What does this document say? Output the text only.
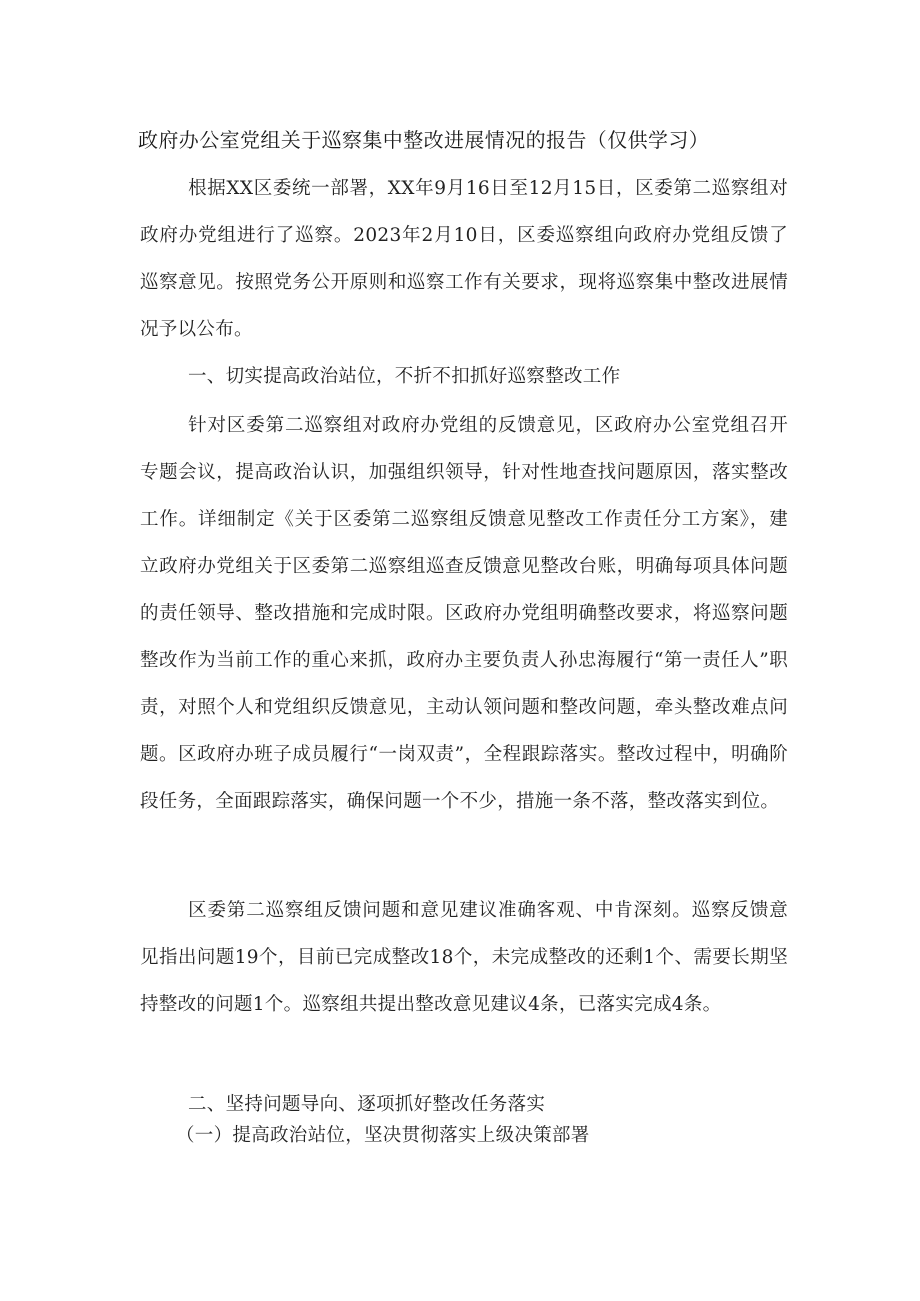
政府办公室党组关于巡察集中整改进展情况的报告（仅供学习）

根据XX区委统一部署，XX年9月16日至12月15日，区委第二巡察组对政府办党组进行了巡察。2023年2月10日，区委巡察组向政府办党组反馈了巡察意见。按照党务公开原则和巡察工作有关要求，现将巡察集中整改进展情况予以公布。

一、切实提高政治站位，不折不扣抓好巡察整改工作

针对区委第二巡察组对政府办党组的反馈意见，区政府办公室党组召开专题会议，提高政治认识，加强组织领导，针对性地查找问题原因，落实整改工作。详细制定《关于区委第二巡察组反馈意见整改工作责任分工方案》，建立政府办党组关于区委第二巡察组巡查反馈意见整改台账，明确每项具体问题的责任领导、整改措施和完成时限。区政府办党组明确整改要求，将巡察问题整改作为当前工作的重心来抓，政府办主要负责人孙忠海履行“第一责任人”职责，对照个人和党组织反馈意见，主动认领问题和整改问题，牵头整改难点问题。区政府办班子成员履行“一岗双责”，全程跟踪落实。整改过程中，明确阶段任务，全面跟踪落实，确保问题一个不少，措施一条不落，整改落实到位。

区委第二巡察组反馈问题和意见建议准确客观、中肯深刻。巡察反馈意见指出问题19个，目前已完成整改18个，未完成整改的还剩1个、需要长期坚持整改的问题1个。巡察组共提出整改意见建议4条，已落实完成4条。

二、坚持问题导向、逐项抓好整改任务落实

（一）提高政治站位，坚决贯彻落实上级决策部署
